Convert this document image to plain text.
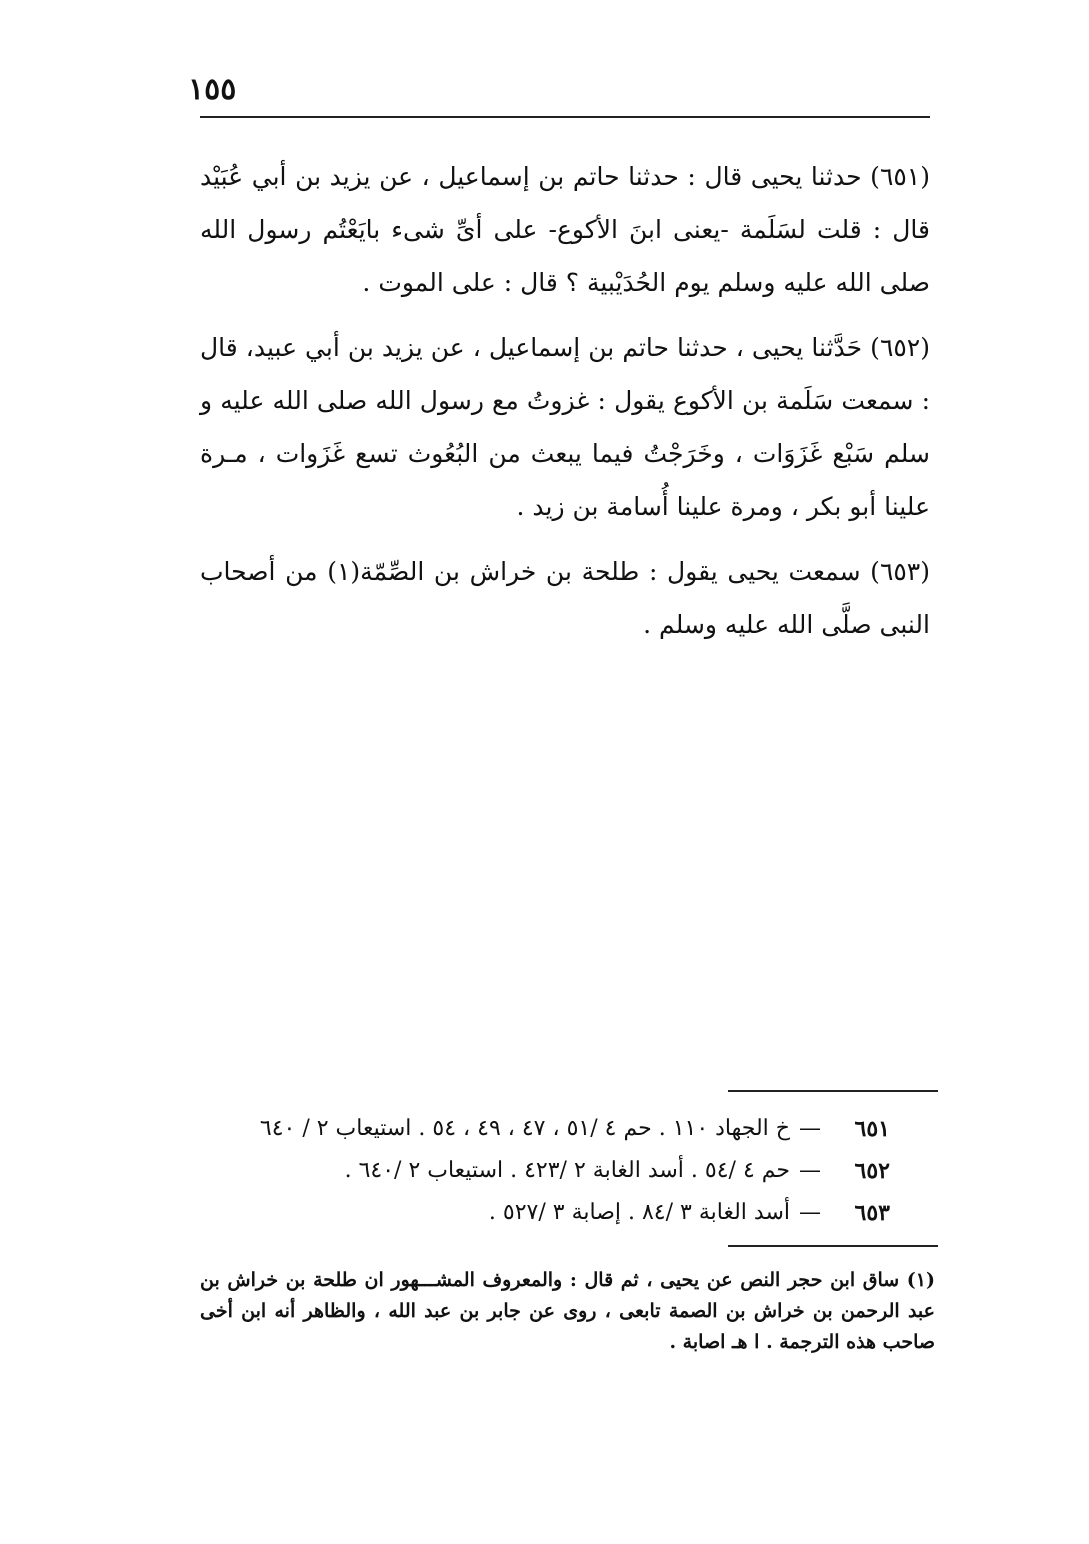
١٥٥

(٦٥١) حدثنا يحيى قال : حدثنا حاتم بن إسماعيل ، عن يزيد بن أبي عُبَيْد قال : قلت لسَلَمة -يعنى ابنَ الأكوع- على أىِّ شىء بايَعْتُم رسول الله صلى الله عليه وسلم يوم الحُدَيْبية ؟ قال : على الموت .

(٦٥٢) حَدَّثنا يحيى ، حدثنا حاتم بن إسماعيل ، عن يزيد بن أبي عبيد، قال : سمعت سَلَمة بن الأكوع يقول : غزوتُ مع رسول الله صلى الله عليه و سلم سَبْع غَزَوَات ، وخَرَجْتُ فيما يبعث من البُعُوث تسع غَزَوات ، مـرة علينا أبو بكر ، ومرة علينا أُسامة بن زيد .

(٦٥٣) سمعت يحيى يقول : طلحة بن خراش بن الصِّمّة(١) من أصحاب النبى صلَّى الله عليه وسلم .

٦٥١
—
خ الجهاد ١١٠ . حم ٤ /٥١ ، ٤٧ ، ٤٩ ، ٥٤ . استيعاب ٢ / ٦٤٠
٦٥٢
—
حم ٤ /٥٤ . أسد الغابة ٢ /٤٢٣ . استيعاب ٢ /٦٤٠ .
٦٥٣
—
أسد الغابة ٣ /٨٤ . إصابة ٣ /٥٢٧ .
(١) ساق ابن حجر النص عن يحيى ، ثم قال : والمعروف المشـــهور ان طلحة بن خراش بن عبد الرحمن بن خراش بن الصمة تابعى ، روى عن جابر بن عبد الله ، والظاهر أنه ابن أخى صاحب هذه الترجمة . ا هـ اصابة .
